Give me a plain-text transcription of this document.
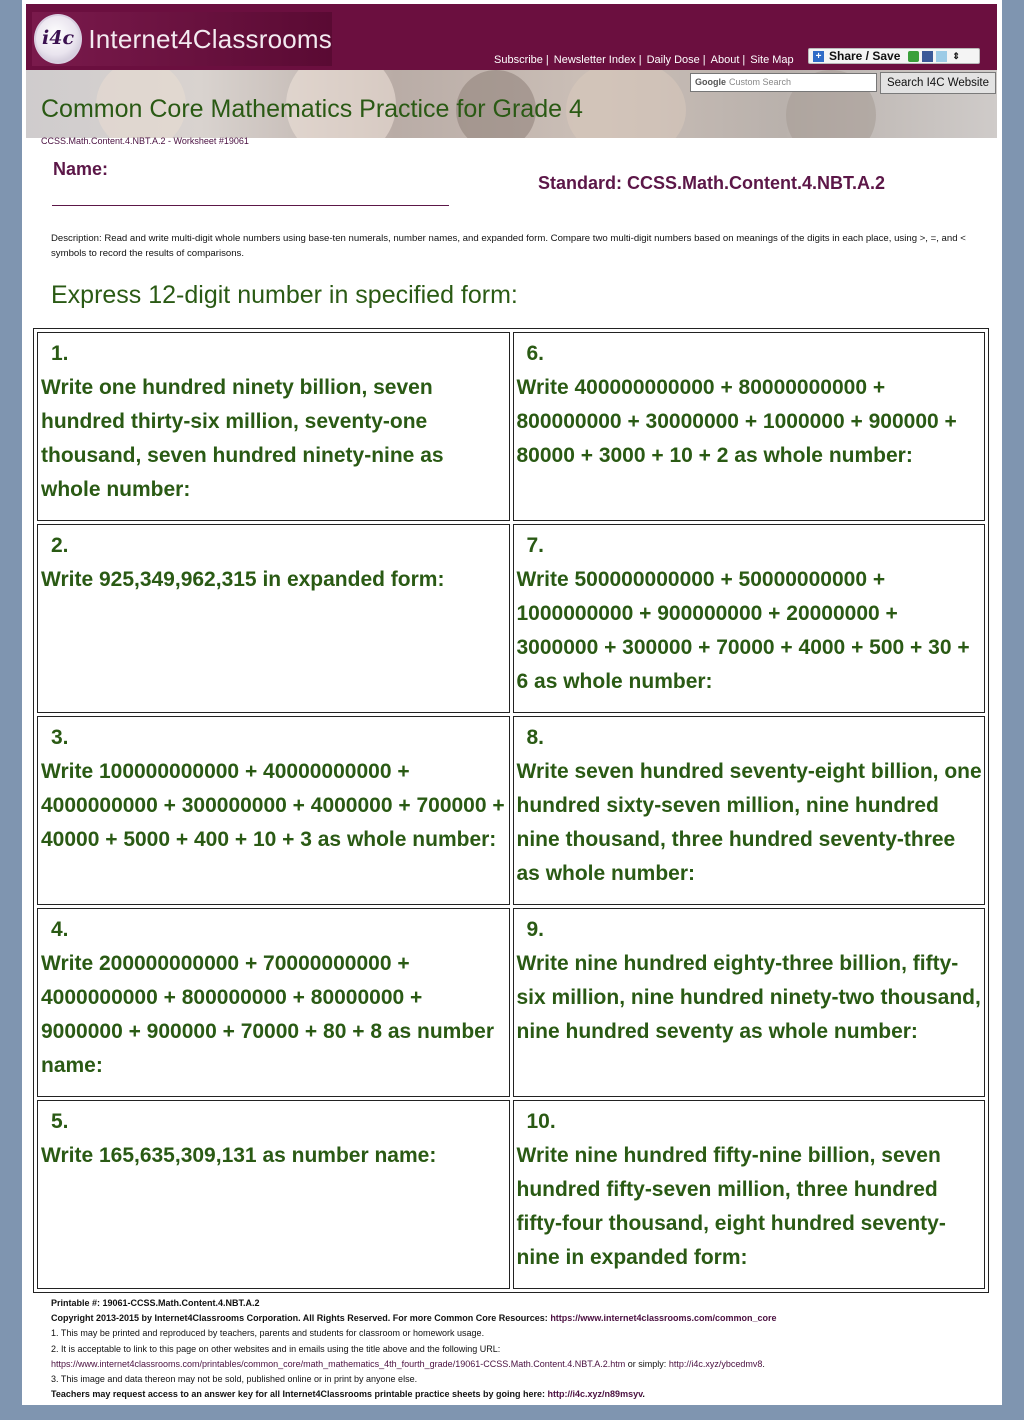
i4c Internet4Classrooms
Subscribe | Newsletter Index | Daily Dose | About | Site Map + Share / Save	⇕
Google Custom Search	Search I4C Website
Common Core Mathematics Practice for Grade 4
CCSS.Math.Content.4.NBT.A.2 - Worksheet #19061
Name:
Standard: CCSS.Math.Content.4.NBT.A.2
Description: Read and write multi-digit whole numbers using base-ten numerals, number names, and expanded form. Compare two multi-digit numbers based on meanings of the digits in each place, using >, =, and < symbols to record the results of comparisons.
Express 12-digit number in specified form:
1.
Write one hundred ninety billion, seven hundred thirty-six million, seventy-one thousand, seven hundred ninety-nine as whole number:
6.
Write 400000000000 + 80000000000 + 800000000 + 30000000 + 1000000 + 900000 + 80000 + 3000 + 10 + 2 as whole number:
2.
Write 925,349,962,315 in expanded form:
7.
Write 500000000000 + 50000000000 + 1000000000 + 900000000 + 20000000 + 3000000 + 300000 + 70000 + 4000 + 500 + 30 + 6 as whole number:
3.
Write 100000000000 + 40000000000 + 4000000000 + 300000000 + 4000000 + 700000 + 40000 + 5000 + 400 + 10 + 3 as whole number:
8.
Write seven hundred seventy-eight billion, one hundred sixty-seven million, nine hundred nine thousand, three hundred seventy-three as whole number:
4.
Write 200000000000 + 70000000000 + 4000000000 + 800000000 + 80000000 + 9000000 + 900000 + 70000 + 80 + 8 as number name:
9.
Write nine hundred eighty-three billion, fifty-six million, nine hundred ninety-two thousand, nine hundred seventy as whole number:
5.
Write 165,635,309,131 as number name:
10.
Write nine hundred fifty-nine billion, seven hundred fifty-seven million, three hundred fifty-four thousand, eight hundred seventy-nine in expanded form:
Printable #: 19061-CCSS.Math.Content.4.NBT.A.2
Copyright 2013-2015 by Internet4Classrooms Corporation. All Rights Reserved. For more Common Core Resources: https://www.internet4classrooms.com/common_core
1. This may be printed and reproduced by teachers, parents and students for classroom or homework usage.
2. It is acceptable to link to this page on other websites and in emails using the title above and the following URL:
https://www.internet4classrooms.com/printables/common_core/math_mathematics_4th_fourth_grade/19061-CCSS.Math.Content.4.NBT.A.2.htm or simply: http://i4c.xyz/ybcedmv8.
3. This image and data thereon may not be sold, published online or in print by anyone else.
Teachers may request access to an answer key for all Internet4Classrooms printable practice sheets by going here: http://i4c.xyz/n89msyv.
